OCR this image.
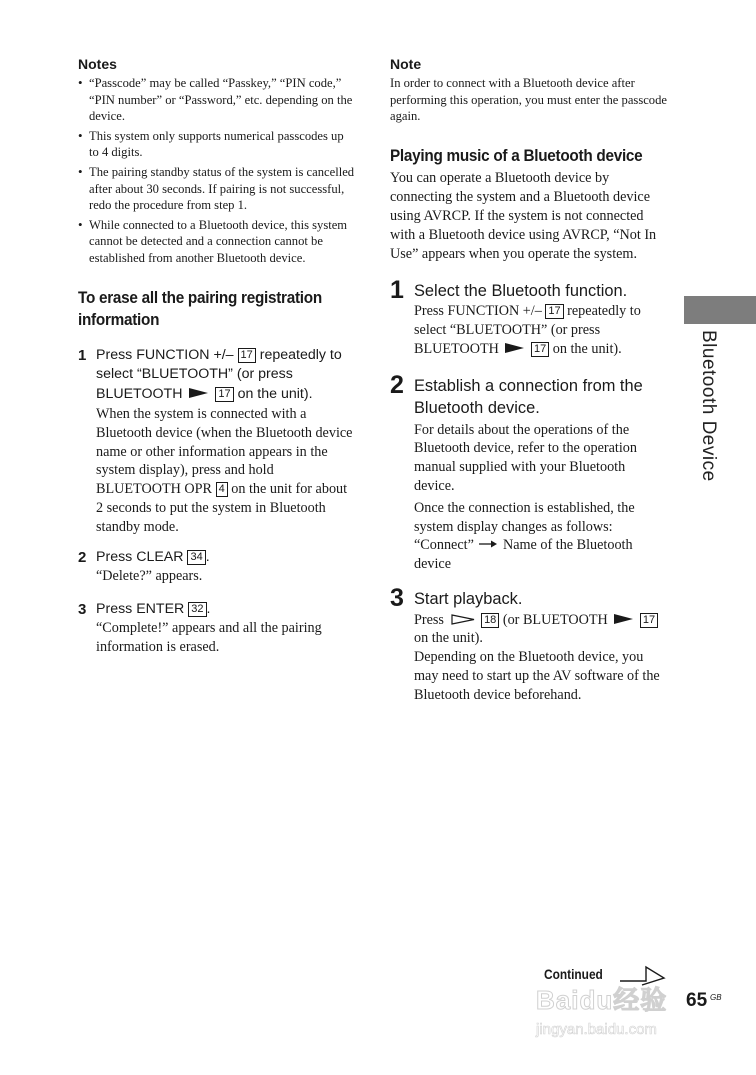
Notes

• “Passcode” may be called “Passkey,” “PIN code,” “PIN number” or “Password,” etc. depending on the device.
• This system only supports numerical passcodes up to 4 digits.
• The pairing standby status of the system is cancelled after about 30 seconds. If pairing is not successful, redo the procedure from step 1.
• While connected to a Bluetooth device, this system cannot be detected and a connection cannot be established from another Bluetooth device.
To erase all the pairing registration information
1 Press FUNCTION +/– 17 repeatedly to select “BLUETOOTH” (or press BLUETOOTH	17 on the unit).

When the system is connected with a Bluetooth device (when the Bluetooth device name or other information appears in the system display), press and hold BLUETOOTH OPR 4 on the unit for about 2 seconds to put the system in Bluetooth standby mode.

2 Press CLEAR 34 .

“Delete?” appears.

3 Press ENTER 32 .

“Complete!” appears and all the pairing information is erased.

Note

In order to connect with a Bluetooth device after performing this operation, you must enter the passcode again.

Playing music of a Bluetooth device

You can operate a Bluetooth device by connecting the system and a Bluetooth device using AVRCP. If the system is not connected with a Bluetooth device using AVRCP, “Not In Use” appears when you operate the system.

1 Select the Bluetooth function.

Press FUNCTION +/– 17 repeatedly to select “BLUETOOTH” (or press BLUETOOTH	17 on the unit).

2 Establish a connection from the Bluetooth device.

For details about the operations of the Bluetooth device, refer to the operation manual supplied with your Bluetooth device.

Once the connection is established, the system display changes as follows: “Connect” Name of the Bluetooth device

3 Start playback.

Press	18 (or BLUETOOTH	17 on the unit).

Depending on the Bluetooth device, you may need to start up the AV software of the Bluetooth device beforehand.

Bluetooth Device
Continued
65 GB
Baidu经验
jingyan.baidu.com
